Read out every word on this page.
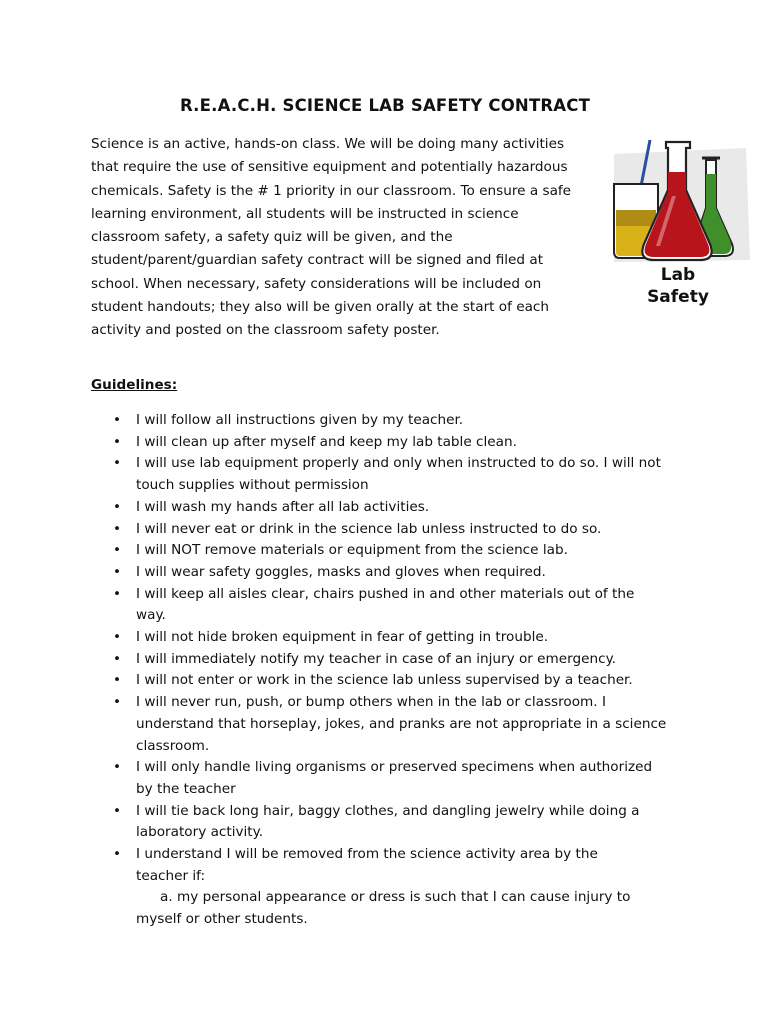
R.E.A.C.H. SCIENCE LAB SAFETY CONTRACT
Science is an active, hands-on class. We will be doing many activities
that require the use of sensitive equipment and potentially hazardous
chemicals. Safety is the # 1 priority in our classroom. To ensure a safe
learning environment, all students will be instructed in science
classroom safety, a safety quiz will be given, and the
student/parent/guardian safety contract will be signed and filed at
school. When necessary, safety considerations will be included on
student handouts; they also will be given orally at the start of each
activity and posted on the classroom safety poster.
Lab
Safety
Guidelines:
• I will follow all instructions given by my teacher.
• I will clean up after myself and keep my lab table clean.
• I will use lab equipment properly and only when instructed to do so. I will not
touch supplies without permission
• I will wash my hands after all lab activities.
• I will never eat or drink in the science lab unless instructed to do so.
• I will NOT remove materials or equipment from the science lab.
• I will wear safety goggles, masks and gloves when required.
• I will keep all aisles clear, chairs pushed in and other materials out of the
way.
• I will not hide broken equipment in fear of getting in trouble.
• I will immediately notify my teacher in case of an injury or emergency.
• I will not enter or work in the science lab unless supervised by a teacher.
• I will never run, push, or bump others when in the lab or classroom. I
understand that horseplay, jokes, and pranks are not appropriate in a science
classroom.
• I will only handle living organisms or preserved specimens when authorized
by the teacher
• I will tie back long hair, baggy clothes, and dangling jewelry while doing a
laboratory activity.
• I understand I will be removed from the science activity area by the
teacher if:
a. my personal appearance or dress is such that I can cause injury to
myself or other students.
